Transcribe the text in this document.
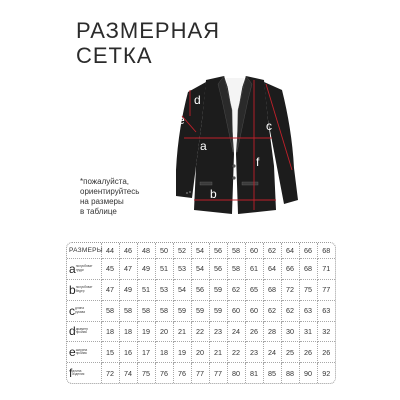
РАЗМЕРНАЯ
СЕТКА
d
e
a
c
f
b
*пожалуйста,
ориентируйтесь
на размеры
в таблице
РАЗМЕРЫ	44	46	48	50	52	54	56	58	60	62	64	66	68
aполуобхват груди	45	47	49	51	53	54	56	58	61	64	66	68	71
bполуобхват бедер	47	49	51	53	54	56	59	62	65	68	72	75	77
cдлина рукава	58	58	58	58	59	59	59	60	60	62	62	63	63
dдиаметр пройма	18	18	19	20	21	22	23	24	26	28	30	31	32
eширина пройма	15	16	17	18	19	20	21	22	23	24	25	26	26
fдлина изделия	72	74	75	76	76	77	77	80	81	85	88	90	92
